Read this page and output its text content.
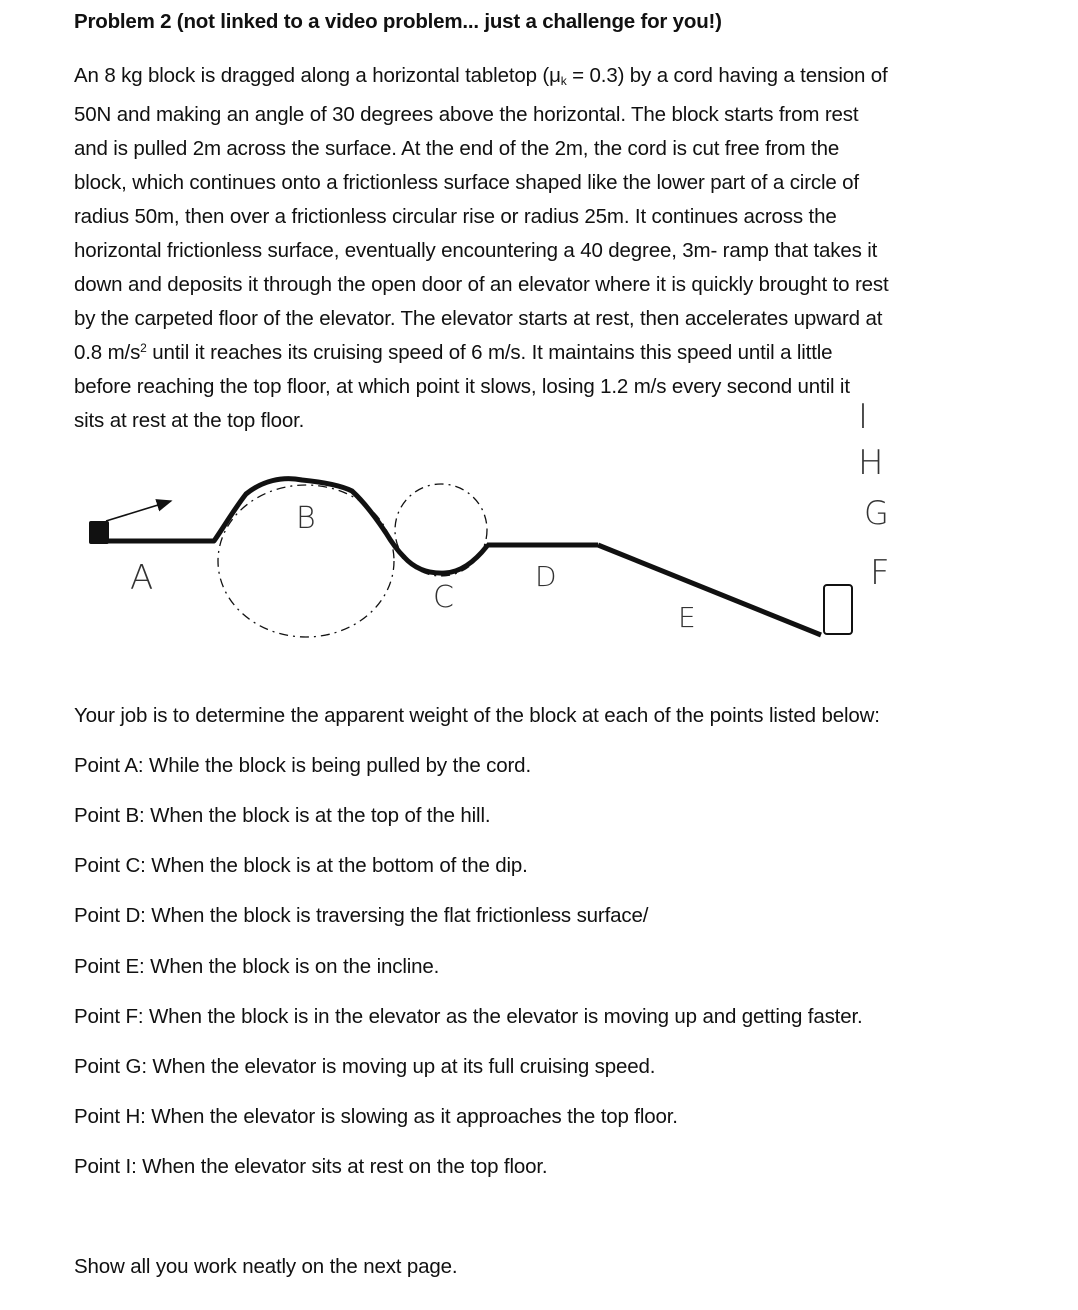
Problem 2 (not linked to a video problem... just a challenge for you!)
An 8 kg block is dragged along a horizontal tabletop $(\mu_k = 0.3)$ by a cord having a tension of
50N and making an angle of 30 degrees above the horizontal. The block starts from rest
and is pulled 2m across the surface. At the end of the 2m, the cord is cut free from the
block, which continues onto a frictionless surface shaped like the lower part of a circle of
radius 50m, then over a frictionless circular rise or radius 25m. It continues across the
horizontal frictionless surface, eventually encountering a 40 degree, 3m- ramp that takes it
down and deposits it through the open door of an elevator where it is quickly brought to rest
by the carpeted floor of the elevator. The elevator starts at rest, then accelerates upward at
0.8 $m/s^2$ until it reaches its cruising speed of 6 m/s. It maintains this speed until a little
before reaching the top floor, at which point it slows, losing 1.2 m/s every second until it
sits at rest at the top floor.
A
B
C
D
E
F
G
H
I
Your job is to determine the apparent weight of the block at each of the points listed below:
Point A: While the block is being pulled by the cord.
Point B: When the block is at the top of the hill.
Point C: When the block is at the bottom of the dip.
Point D: When the block is traversing the flat frictionless surface/
Point E: When the block is on the incline.
Point F: When the block is in the elevator as the elevator is moving up and getting faster.
Point G: When the elevator is moving up at its full cruising speed.
Point H: When the elevator is slowing as it approaches the top floor.
Point I: When the elevator sits at rest on the top floor.
Show all you work neatly on the next page.
